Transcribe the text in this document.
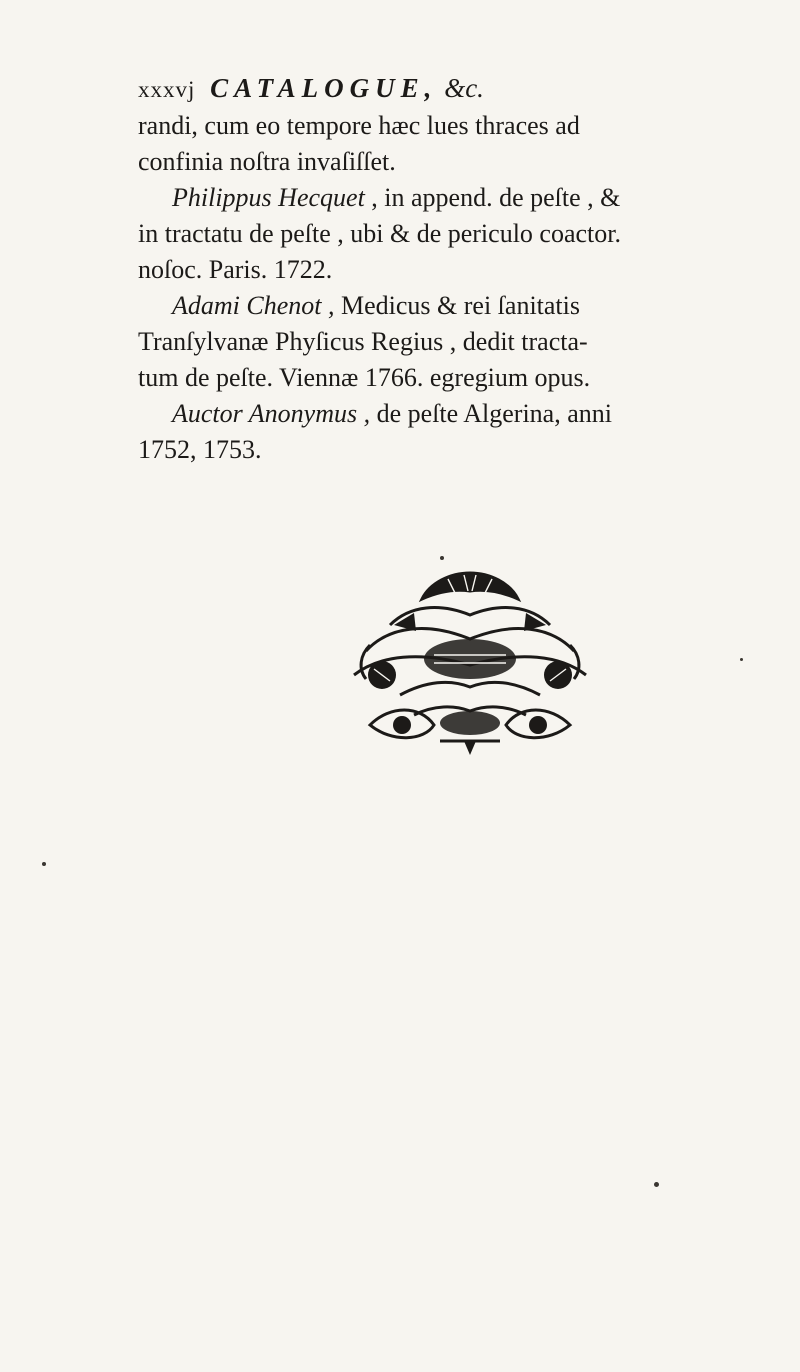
xxxvj CATALOGUE, &c.
randi, cum eo tempore hæc lues thraces ad
confinia noſtra invaſiſſet.
Philippus Hecquet , in append. de peſte , &
in tractatu de peſte , ubi & de periculo coactor.
noſoc. Paris. 1722.
Adami Chenot , Medicus & rei ſanitatis
Tranſylvanæ Phyſicus Regius , dedit tracta-
tum de peſte. Viennæ 1766. egregium opus.
Auctor Anonymus , de peſte Algerina, anni
1752, 1753.
